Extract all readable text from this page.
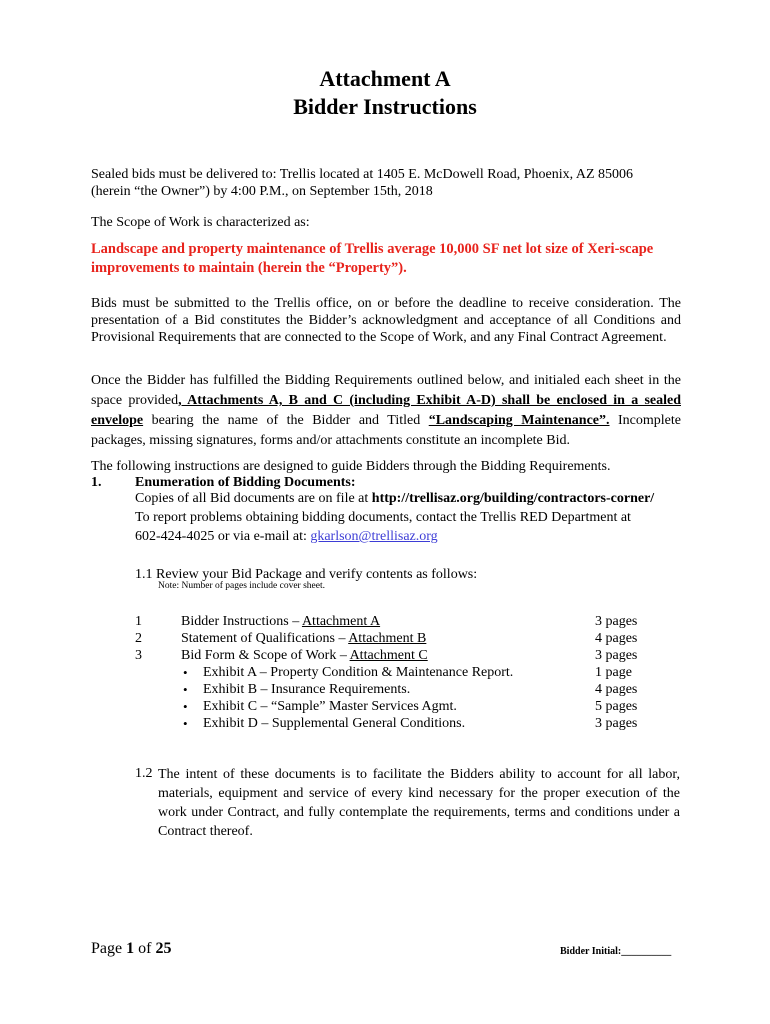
Attachment A
Bidder Instructions
Sealed bids must be delivered to: Trellis located at 1405 E. McDowell Road, Phoenix, AZ 85006
(herein “the Owner”) by 4:00 P.M., on September 15th, 2018
The Scope of Work is characterized as:
Landscape and property maintenance of Trellis average 10,000 SF net lot size of Xeri-scape improvements to maintain (herein the “Property”).
Bids must be submitted to the Trellis office, on or before the deadline to receive consideration. The presentation of a Bid constitutes the Bidder’s acknowledgment and acceptance of all Conditions and Provisional Requirements that are connected to the Scope of Work, and any Final Contract Agreement.
Once the Bidder has fulfilled the Bidding Requirements outlined below, and initialed each sheet in the space provided, Attachments A, B and C (including Exhibit A-D) shall be enclosed in a sealed envelope bearing the name of the Bidder and Titled “Landscaping Maintenance”. Incomplete packages, missing signatures, forms and/or attachments constitute an incomplete Bid.
The following instructions are designed to guide Bidders through the Bidding Requirements.
1. Enumeration of Bidding Documents:
Copies of all Bid documents are on file at http://trellisaz.org/building/contractors-corner/
To report problems obtaining bidding documents, contact the Trellis RED Department at
602-424-4025 or via e-mail at: gkarlson@trellisaz.org
1.1 Review your Bid Package and verify contents as follows:
Note: Number of pages include cover sheet.
1	Bidder Instructions – Attachment A	3 pages
2	Statement of Qualifications – Attachment B	4 pages
3	Bid Form & Scope of Work – Attachment C	3 pages
• Exhibit A – Property Condition & Maintenance Report.	1 page
• Exhibit B – Insurance Requirements.	4 pages
• Exhibit C – “Sample” Master Services Agmt.	5 pages
• Exhibit D – Supplemental General Conditions.	3 pages
1.2 The intent of these documents is to facilitate the Bidders ability to account for all labor, materials, equipment and service of every kind necessary for the proper execution of the work under Contract, and fully contemplate the requirements, terms and conditions under a Contract thereof.
Page 1 of 25	Bidder Initial:__________
